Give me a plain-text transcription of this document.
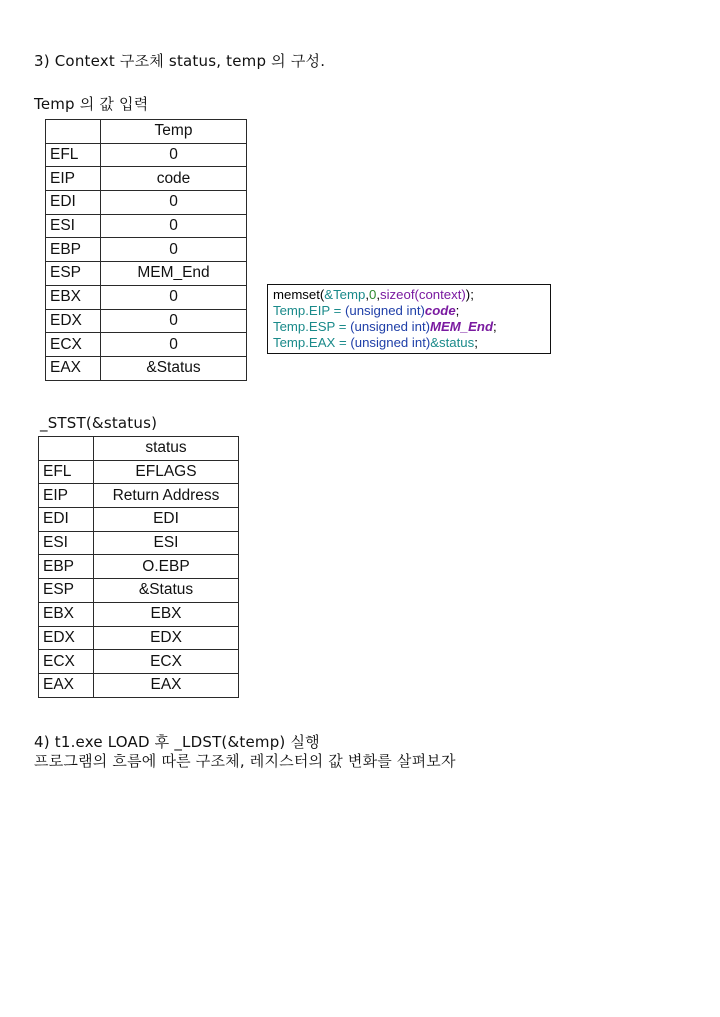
3) Context 구조체 status, temp 의 구성.
Temp 의 값 입력
	Temp
EFL	0
EIP	code
EDI	0
ESI	0
EBP	0
ESP	MEM_End
EBX	0
EDX	0
ECX	0
EAX	&Status
memset(&Temp,0,sizeof(context));
Temp.EIP = (unsigned int)code;
Temp.ESP = (unsigned int)MEM_End;
Temp.EAX = (unsigned int)&status;
_STST(&status)
	status
EFL	EFLAGS
EIP	Return Address
EDI	EDI
ESI	ESI
EBP	O.EBP
ESP	&Status
EBX	EBX
EDX	EDX
ECX	ECX
EAX	EAX
4) t1.exe LOAD 후 _LDST(&temp) 실행
프로그램의 흐름에 따른 구조체, 레지스터의 값 변화를 살펴보자
